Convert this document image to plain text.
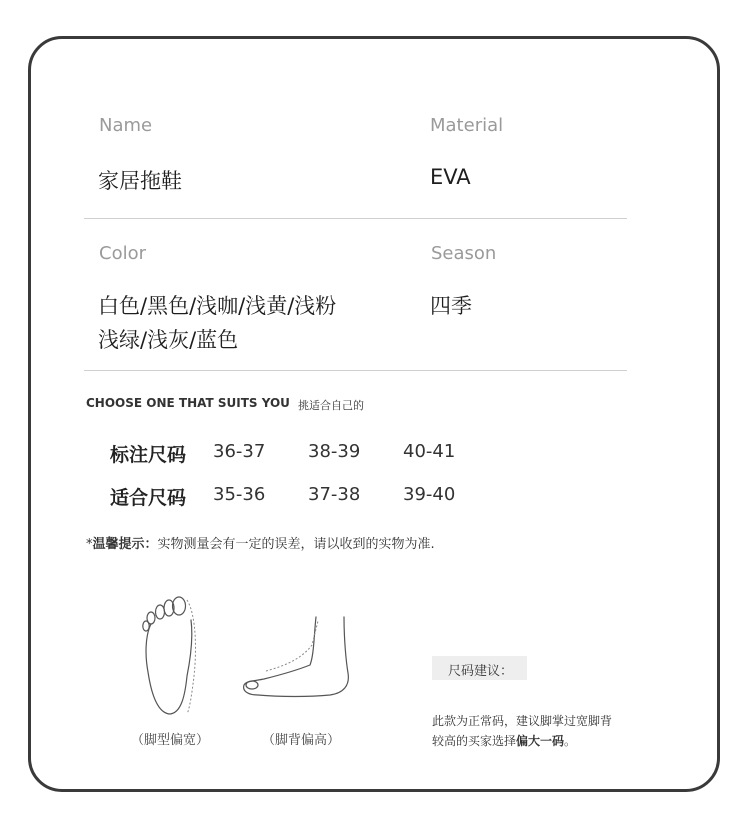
Name
家居拖鞋
Material
EVA
Color
白色/黑色/浅咖/浅黄/浅粉
浅绿/浅灰/蓝色
Season
四季
CHOOSE ONE THAT SUITS YOU 挑适合自己的
标注尺码 36-37 38-39 40-41
适合尺码 35-36 37-38 39-40
*温馨提示：实物测量会有一定的误差，请以收到的实物为准.
（脚型偏宽）	（脚背偏高）
尺码建议：
此款为正常码，建议脚掌过宽脚背
较高的买家选择偏大一码。
